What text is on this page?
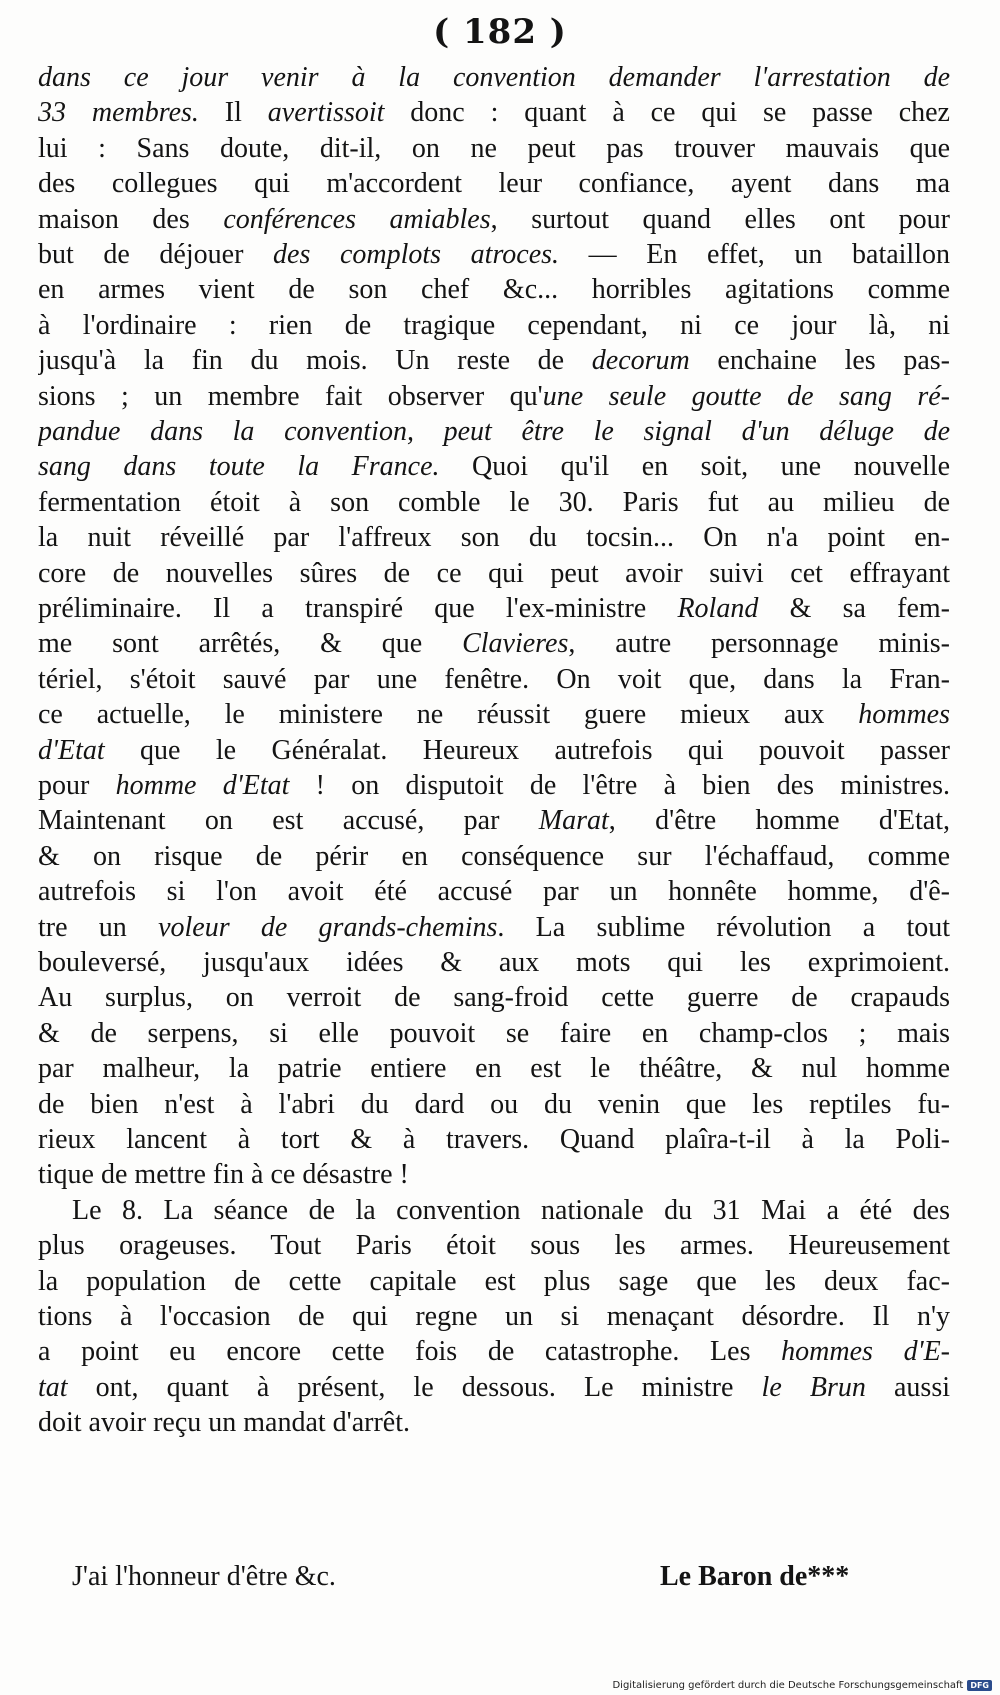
( 182 )
dans ce jour venir à la convention demander l'arrestation de
33 membres. Il avertissoit donc : quant à ce qui se passe chez
lui : Sans doute, dit-il, on ne peut pas trouver mauvais que
des collegues qui m'accordent leur confiance, ayent dans ma
maison des conférences amiables, surtout quand elles ont pour
but de déjouer des complots atroces. — En effet, un bataillon
en armes vient de son chef &c... horribles agitations comme
à l'ordinaire : rien de tragique cependant, ni ce jour là, ni
jusqu'à la fin du mois. Un reste de decorum enchaine les pas-
sions ; un membre fait observer qu'une seule goutte de sang ré-
pandue dans la convention, peut être le signal d'un déluge de
sang dans toute la France. Quoi qu'il en soit, une nouvelle
fermentation étoit à son comble le 30. Paris fut au milieu de
la nuit réveillé par l'affreux son du tocsin... On n'a point en-
core de nouvelles sûres de ce qui peut avoir suivi cet effrayant
préliminaire. Il a transpiré que l'ex-ministre Roland & sa fem-
me sont arrêtés, & que Clavieres, autre personnage minis-
tériel, s'étoit sauvé par une fenêtre. On voit que, dans la Fran-
ce actuelle, le ministere ne réussit guere mieux aux hommes
d'Etat que le Généralat. Heureux autrefois qui pouvoit passer
pour homme d'Etat ! on disputoit de l'être à bien des ministres.
Maintenant on est accusé, par Marat, d'être homme d'Etat,
& on risque de périr en conséquence sur l'échaffaud, comme
autrefois si l'on avoit été accusé par un honnête homme, d'ê-
tre un voleur de grands-chemins. La sublime révolution a tout
bouleversé, jusqu'aux idées & aux mots qui les exprimoient.
Au surplus, on verroit de sang-froid cette guerre de crapauds
& de serpens, si elle pouvoit se faire en champ-clos ; mais
par malheur, la patrie entiere en est le théâtre, & nul homme
de bien n'est à l'abri du dard ou du venin que les reptiles fu-
rieux lancent à tort & à travers. Quand plaîra-t-il à la Poli-
tique de mettre fin à ce désastre !
Le 8. La séance de la convention nationale du 31 Mai a été des
plus orageuses. Tout Paris étoit sous les armes. Heureusement
la population de cette capitale est plus sage que les deux fac-
tions à l'occasion de qui regne un si menaçant désordre. Il n'y
a point eu encore cette fois de catastrophe. Les hommes d'E-
tat ont, quant à présent, le dessous. Le ministre le Brun aussi
doit avoir reçu un mandat d'arrêt.
J'ai l'honneur d'être &c.	Le Baron de***
Digitalisierung gefördert durch die Deutsche Forschungsgemeinschaft DFG
